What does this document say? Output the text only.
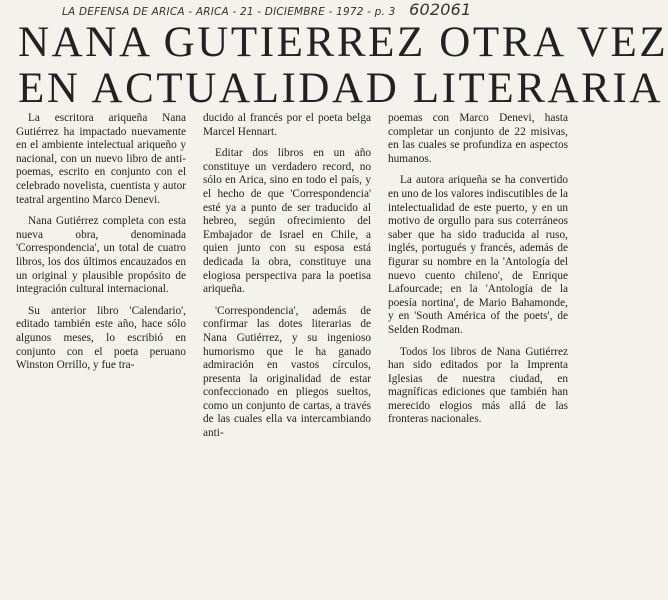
LA DEFENSA DE ARICA - ARICA - 21 - DICIEMBRE - 1972 - p. 3 602061
NANA GUTIERREZ OTRA VEZ
EN ACTUALIDAD LITERARIA

La escritora ariqueña Nana Gutiérrez ha impactado nuevamente en el ambiente intelectual ariqueño y nacional, con un nuevo libro de anti-poemas, escrito en conjunto con el celebrado novelista, cuentista y autor teatral argentino Marco Denevi.

Nana Gutiérrez completa con esta nueva obra, denominada 'Correspondencia', un total de cuatro libros, los dos últimos encauzados en un original y plausible propósito de integración cultural internacional.

Su anterior libro 'Calendario', editado también este año, hace sólo algunos meses, lo escribió en conjunto con el poeta peruano Winston Orrillo, y fue tra-

ducido al francés por el poeta belga Marcel Hennart.

Editar dos libros en un año constituye un verdadero record, no sólo en Arica, sino en todo el país, y el hecho de que 'Correspondencia' esté ya a punto de ser traducido al hebreo, según ofrecimiento del Embajador de Israel en Chile, a quien junto con su esposa está dedicada la obra, constituye una elogiosa perspectiva para la poetisa ariqueña.

'Correspondencia', además de confirmar las dotes literarias de Nana Gutiérrez, y su ingenioso humorismo que le ha ganado admiración en vastos círculos, presenta la originalidad de estar confeccionado en pliegos sueltos, como un conjunto de cartas, a través de las cuales ella va intercambiando anti-

poemas con Marco Denevi, hasta completar un conjunto de 22 misivas, en las cuales se profundiza en aspectos humanos.

La autora ariqueña se ha convertido en uno de los valores indiscutibles de la intelectualidad de este puerto, y en un motivo de orgullo para sus coterráneos saber que ha sido traducida al ruso, inglés, portugués y francés, además de figurar su nombre en la 'Antología del nuevo cuento chileno', de Enrique Lafourcade; en la 'Antología de la poesía nortina', de Mario Bahamonde, y en 'South América of the poets', de Selden Rodman.

Todos los libros de Nana Gutiérrez han sido editados por la Imprenta Iglesias de nuestra ciudad, en magníficas ediciones que también han merecido elogios más allá de las fronteras nacionales.
